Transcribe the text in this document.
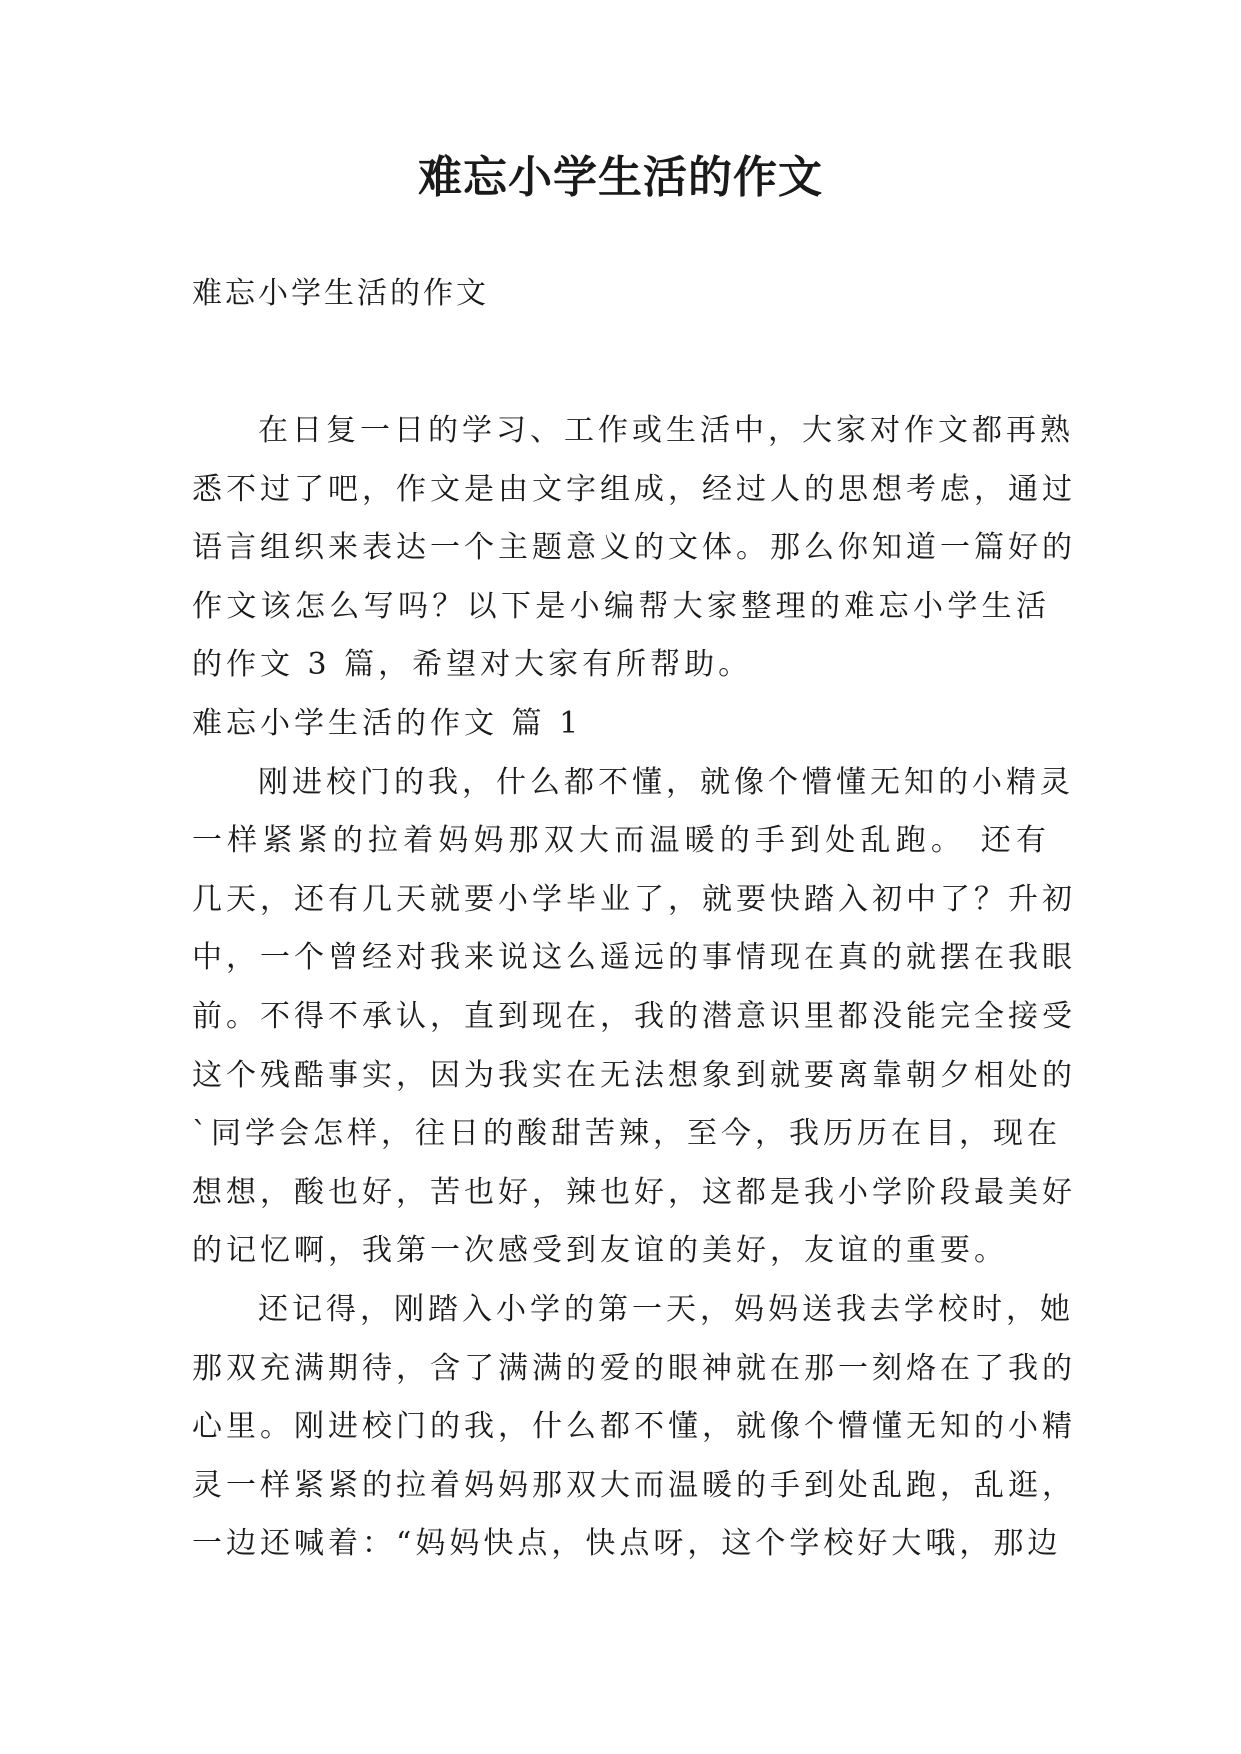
难忘小学生活的作文

难忘小学生活的作文

在日复一日的学习、工作或生活中，大家对作文都再熟
悉不过了吧，作文是由文字组成，经过人的思想考虑，通过
语言组织来表达一个主题意义的文体。那么你知道一篇好的
作文该怎么写吗？以下是小编帮大家整理的难忘小学生活
的作文 3 篇，希望对大家有所帮助。
难忘小学生活的作文 篇 1
刚进校门的我，什么都不懂，就像个懵懂无知的小精灵
一样紧紧的拉着妈妈那双大而温暖的手到处乱跑。 还有
几天，还有几天就要小学毕业了，就要快踏入初中了？升初
中，一个曾经对我来说这么遥远的事情现在真的就摆在我眼
前。不得不承认，直到现在，我的潜意识里都没能完全接受
这个残酷事实，因为我实在无法想象到就要离靠朝夕相处的
`同学会怎样，往日的酸甜苦辣，至今，我历历在目，现在
想想，酸也好，苦也好，辣也好，这都是我小学阶段最美好
的记忆啊，我第一次感受到友谊的美好，友谊的重要。
还记得，刚踏入小学的第一天，妈妈送我去学校时，她
那双充满期待，含了满满的爱的眼神就在那一刻烙在了我的
心里。刚进校门的我，什么都不懂，就像个懵懂无知的小精
灵一样紧紧的拉着妈妈那双大而温暖的手到处乱跑，乱逛，
一边还喊着：“妈妈快点，快点呀，这个学校好大哦，那边
